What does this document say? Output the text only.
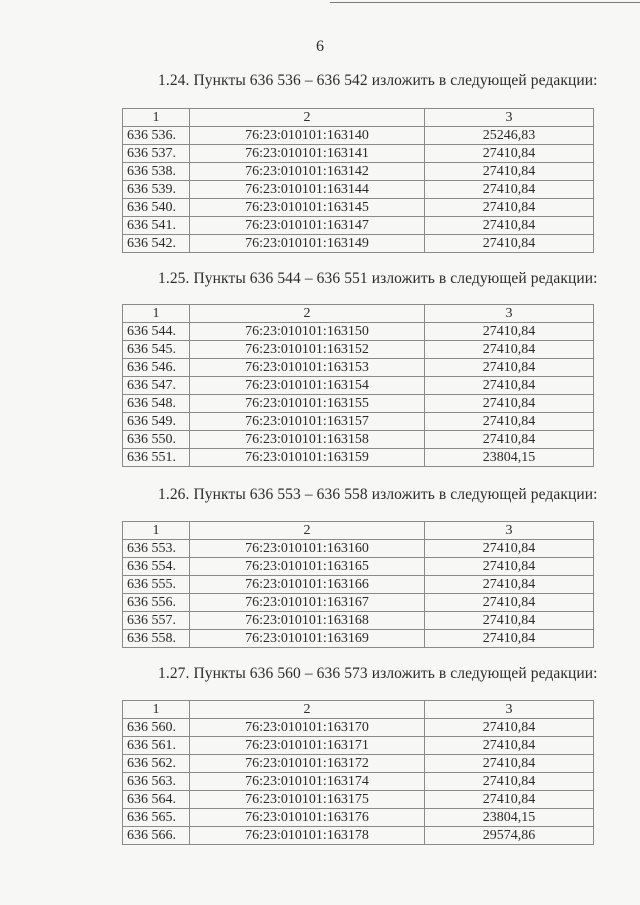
6
1.24. Пункты 636 536 – 636 542 изложить в следующей редакции:
1	2	3
636 536.	76:23:010101:163140	25246,83
636 537.	76:23:010101:163141	27410,84
636 538.	76:23:010101:163142	27410,84
636 539.	76:23:010101:163144	27410,84
636 540.	76:23:010101:163145	27410,84
636 541.	76:23:010101:163147	27410,84
636 542.	76:23:010101:163149	27410,84
1.25. Пункты 636 544 – 636 551 изложить в следующей редакции:
1	2	3
636 544.	76:23:010101:163150	27410,84
636 545.	76:23:010101:163152	27410,84
636 546.	76:23:010101:163153	27410,84
636 547.	76:23:010101:163154	27410,84
636 548.	76:23:010101:163155	27410,84
636 549.	76:23:010101:163157	27410,84
636 550.	76:23:010101:163158	27410,84
636 551.	76:23:010101:163159	23804,15
1.26. Пункты 636 553 – 636 558 изложить в следующей редакции:
1	2	3
636 553.	76:23:010101:163160	27410,84
636 554.	76:23:010101:163165	27410,84
636 555.	76:23:010101:163166	27410,84
636 556.	76:23:010101:163167	27410,84
636 557.	76:23:010101:163168	27410,84
636 558.	76:23:010101:163169	27410,84
1.27. Пункты 636 560 – 636 573 изложить в следующей редакции:
1	2	3
636 560.	76:23:010101:163170	27410,84
636 561.	76:23:010101:163171	27410,84
636 562.	76:23:010101:163172	27410,84
636 563.	76:23:010101:163174	27410,84
636 564.	76:23:010101:163175	27410,84
636 565.	76:23:010101:163176	23804,15
636 566.	76:23:010101:163178	29574,86
